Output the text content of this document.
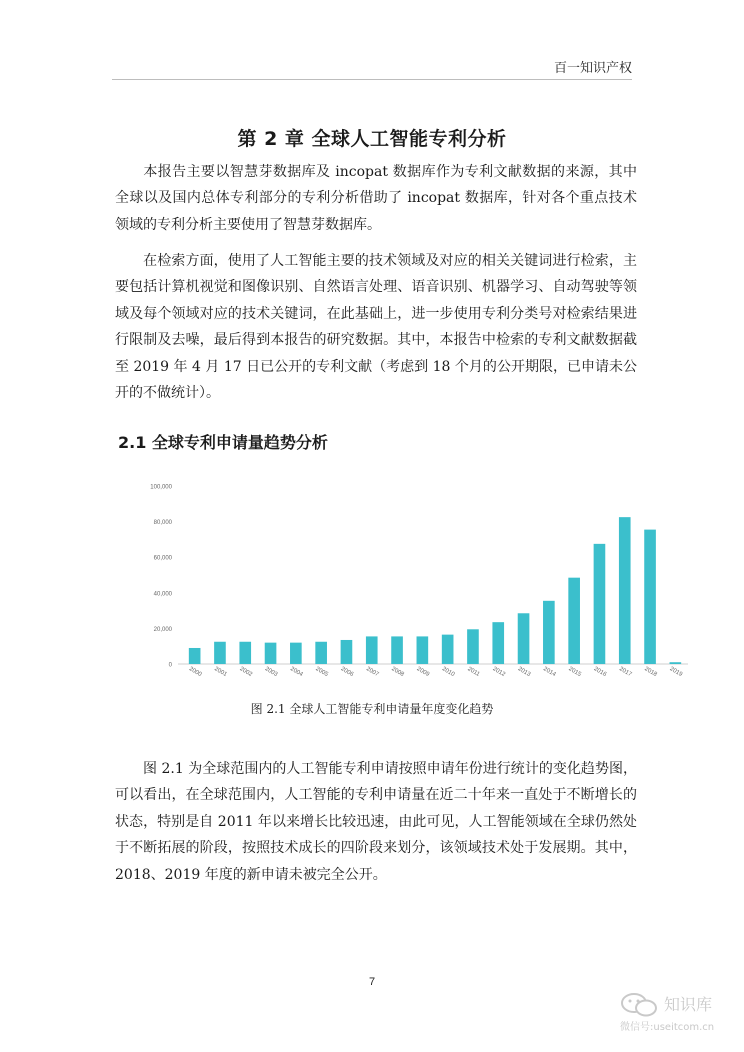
百一知识产权
第 2 章 全球人工智能专利分析
本报告主要以智慧芽数据库及 incopat 数据库作为专利文献数据的来源，其中全球以及国内总体专利部分的专利分析借助了 incopat 数据库，针对各个重点技术领域的专利分析主要使用了智慧芽数据库。
在检索方面，使用了人工智能主要的技术领域及对应的相关关键词进行检索，主要包括计算机视觉和图像识别、自然语言处理、语音识别、机器学习、自动驾驶等领域及每个领域对应的技术关键词，在此基础上，进一步使用专利分类号对检索结果进行限制及去噪，最后得到本报告的研究数据。其中，本报告中检索的专利文献数据截至 2019 年 4 月 17 日已公开的专利文献（考虑到 18 个月的公开期限，已申请未公开的不做统计）。
2.1 全球专利申请量趋势分析
0
20,000
40,000
60,000
80,000
100,000
2000 2001 2002 2003 2004 2005 2006 2007 2008 2009 2010 2011 2012 2013 2014 2015 2016 2017 2018 2019
图 2.1 全球人工智能专利申请量年度变化趋势
图 2.1 为全球范围内的人工智能专利申请按照申请年份进行统计的变化趋势图，可以看出，在全球范围内，人工智能的专利申请量在近二十年来一直处于不断增长的状态，特别是自 2011 年以来增长比较迅速，由此可见，人工智能领域在全球仍然处于不断拓展的阶段，按照技术成长的四阶段来划分，该领域技术处于发展期。其中，2018、2019 年度的新申请未被完全公开。
7
知识库
微信号:useitcom.cn
